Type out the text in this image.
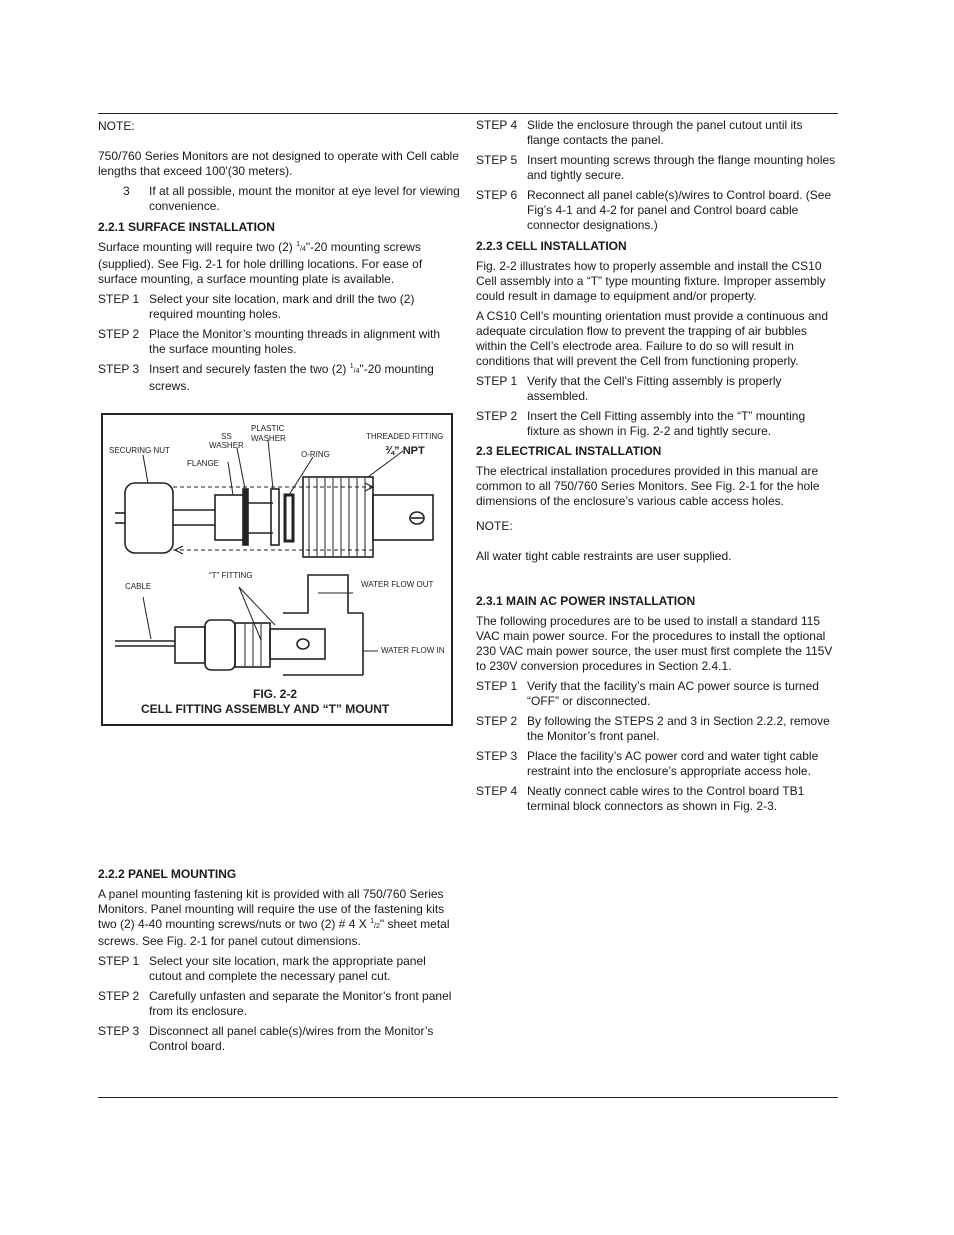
NOTE:

750/760 Series Monitors are not designed to operate with Cell cable lengths that exceed 100'(30 meters).

3	If at all possible, mount the monitor at eye level for viewing convenience.

2.2.1 SURFACE INSTALLATION

Surface mounting will require two (2) $^1$/4"-20 mounting screws (supplied). See Fig. 2-1 for hole drilling locations. For ease of surface mounting, a surface mounting plate is available.

STEP 1 Select your site location, mark and drill the two (2) required mounting holes.
STEP 2 Place the Monitor’s mounting threads in alignment with the surface mounting holes.
STEP 3 Insert and securely fasten the two (2) $^1$/4"-20 mounting screws.
SECURING NUT
SS
WASHER
PLASTIC
WASHER
FLANGE
O-RING
THREADED FITTING
¾” NPT
“T” FITTING
CABLE	WATER FLOW OUT
WATER FLOW IN
FIG. 2-2
CELL FITTING ASSEMBLY AND “T” MOUNT

2.2.2 PANEL MOUNTING

A panel mounting fastening kit is provided with all 750/760 Series Monitors. Panel mounting will require the use of the fastening kits two (2) 4-40 mounting screws/nuts or two (2) # 4 X $^1$/2" sheet metal screws. See Fig. 2-1 for panel cutout dimensions.

STEP 1 Select your site location, mark the appropriate panel cutout and complete the necessary panel cut.
STEP 2 Carefully unfasten and separate the Monitor’s front panel from its enclosure.
STEP 3 Disconnect all panel cable(s)/wires from the Monitor’s Control board.
STEP 4 Slide the enclosure through the panel cutout until its flange contacts the panel.
STEP 5 Insert mounting screws through the flange mounting holes and tightly secure.
STEP 6 Reconnect all panel cable(s)/wires to Control board. (See Fig’s 4-1 and 4-2 for panel and Control board cable connector designations.)

2.2.3 CELL INSTALLATION

Fig. 2-2 illustrates how to properly assemble and install the CS10 Cell assembly into a “T” type mounting fixture. Improper assembly could result in damage to equipment and/or property.

A CS10 Cell’s mounting orientation must provide a continuous and adequate circulation flow to prevent the trapping of air bubbles within the Cell’s electrode area. Failure to do so will result in conditions that will prevent the Cell from functioning properly.

STEP 1 Verify that the Cell’s Fitting assembly is properly assembled.
STEP 2 Insert the Cell Fitting assembly into the “T” mounting fixture as shown in Fig. 2-2 and tightly secure.

2.3 ELECTRICAL INSTALLATION

The electrical installation procedures provided in this manual are common to all 750/760 Series Monitors. See Fig. 2-1 for the hole dimensions of the enclosure’s various cable access holes.

NOTE:

All water tight cable restraints are user supplied.

2.3.1 MAIN AC POWER INSTALLATION

The following procedures are to be used to install a standard 115 VAC main power source. For the procedures to install the optional 230 VAC main power source, the user must first complete the 115V to 230V conversion procedures in Section 2.4.1.

STEP 1 Verify that the facility’s main AC power source is turned “OFF” or disconnected.
STEP 2 By following the STEPS 2 and 3 in Section 2.2.2, remove the Monitor’s front panel.
STEP 3 Place the facility’s AC power cord and water tight cable restraint into the enclosure’s appropriate access hole.
STEP 4 Neatly connect cable wires to the Control board TB1 terminal block connectors as shown in Fig. 2-3.
